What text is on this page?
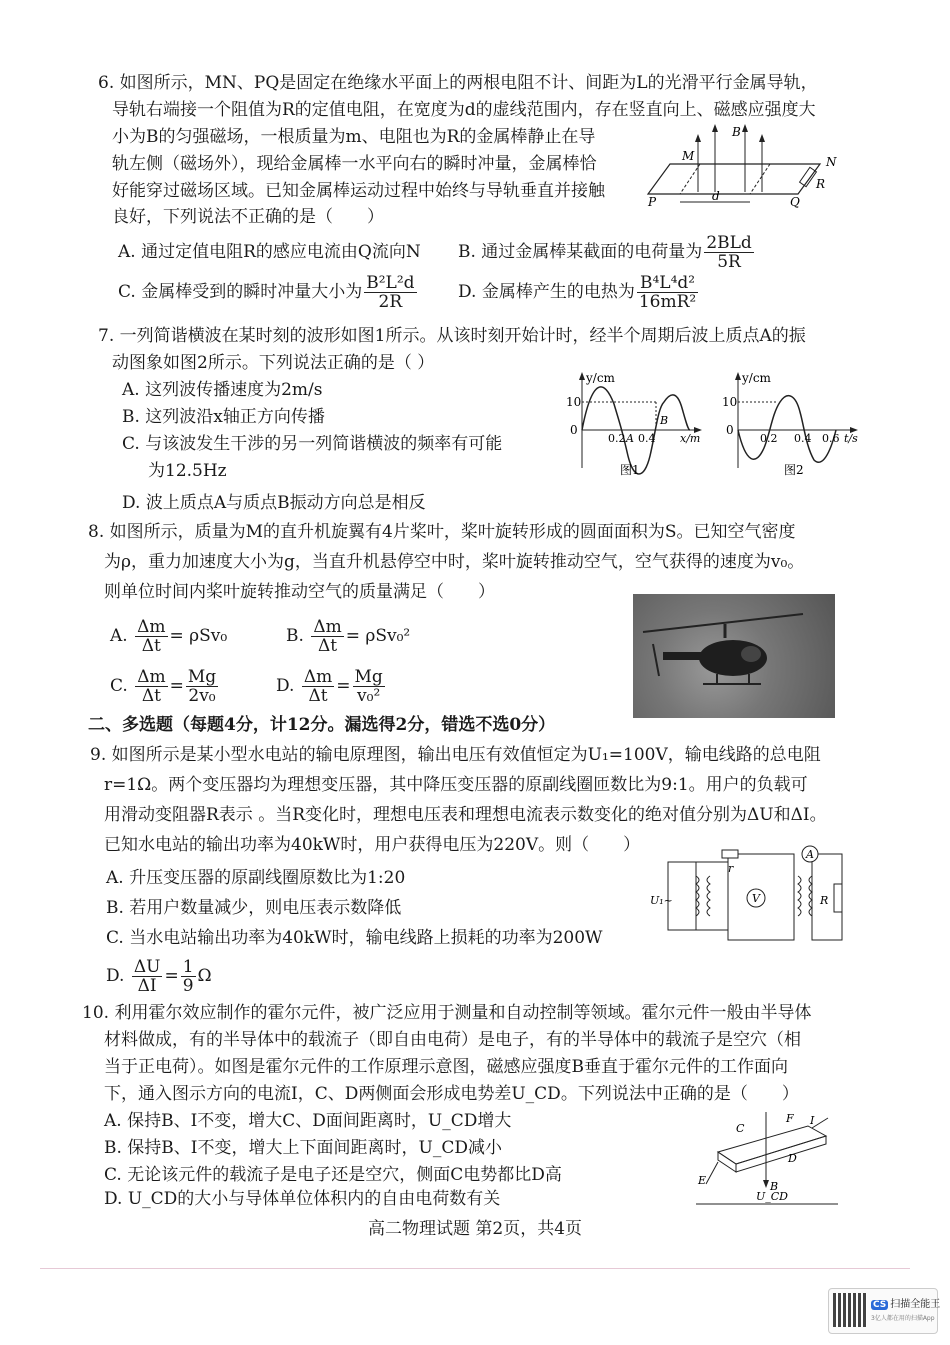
6. 如图所示，MN、PQ是固定在绝缘水平面上的两根电阻不计、间距为L的光滑平行金属导轨，
导轨右端接一个阻值为R的定值电阻，在宽度为d的虚线范围内，存在竖直向上、磁感应强度大
小为B的匀强磁场，一根质量为m、电阻也为R的金属棒静止在导
轨左侧（磁场外），现给金属棒一水平向右的瞬时冲量，金属棒恰
好能穿过磁场区域。已知金属棒运动过程中始终与导轨垂直并接触
良好，下列说法不正确的是（　　）
M	N
P	Q
R
B
d
A. 通过定值电阻R的感应电流由Q流向N B. 通过金属棒某截面的电荷量为 $\frac{\text{2BLd}}{5R}$
C. 金属棒受到的瞬时冲量大小为 $\frac{\text{B²L²d}}{2R} D$. 金属棒产生的电热为 $\frac{\text{B⁴L⁴d²}}{\text{16mR²}}$
7. 一列简谐横波在某时刻的波形如图1所示。从该时刻开始计时，经半个周期后波上质点A的振
动图象如图2所示。下列说法正确的是（ ）
A. 这列波传播速度为2m/s
B. 这列波沿x轴正方向传播
C. 与该波发生干涉的另一列简谐横波的频率有可能
为12.5Hz
D. 波上质点A与质点B振动方向总是相反
y/cm
10
0
0.2 A 0.4 x/m
B
图1
y/cm
10
0
0.2 0.4 0.6 t/s
图2
8. 如图所示，质量为M的直升机旋翼有4片桨叶，桨叶旋转形成的圆面面积为S。已知空气密度
为ρ，重力加速度大小为g，当直升机悬停空中时，桨叶旋转推动空气，空气获得的速度为v₀。
则单位时间内桨叶旋转推动空气的质量满足（　　）
A. $\frac{\Delta m}{\Delta t} = \rho Sv_0$	B. $\frac{\Delta m}{\Delta t} = \rho Sv_0^2$
C. $\frac{\Delta m}{\Delta t} = \frac{Mg}{\text{2v₀}}$	D. $\frac{\Delta m}{\Delta t} = \frac{Mg}{\text{v₀²}}$
二、多选题（每题4分，计12分。漏选得2分，错选不选0分）
9. 如图所示是某小型水电站的输电原理图，输出电压有效值恒定为U₁=100V，输电线路的总电阻
r=1Ω。两个变压器均为理想变压器，其中降压变压器的原副线圈匝数比为9:1。用户的负载可
用滑动变阻器R表示 。当R变化时，理想电压表和理想电流表示数变化的绝对值分别为ΔU和ΔI。
已知水电站的输出功率为40kW时，用户获得电压为220V。则（　　）
A. 升压变压器的原副线圈原数比为1:20
B. 若用户数量减少，则电压表示数降低
C. 当水电站输出功率为40kW时，输电线路上损耗的功率为200W
D. $\frac{\Delta U}{\Delta I} = \frac{1}{9}$ Ω
U₁~
r
V
A
R
10. 利用霍尔效应制作的霍尔元件，被广泛应用于测量和自动控制等领域。霍尔元件一般由半导体
材料做成，有的半导体中的载流子（即自由电荷）是电子，有的半导体中的载流子是空穴（相
当于正电荷）。如图是霍尔元件的工作原理示意图，磁感应强度B垂直于霍尔元件的工作面向
下，通入图示方向的电流I，C、D两侧面会形成电势差U_CD。下列说法中正确的是（　　）
A. 保持B、I不变，增大C、D面间距离时，U_CD增大
B. 保持B、I不变，增大上下面间距离时，U_CD减小
C. 无论该元件的载流子是电子还是空穴，侧面C电势都比D高
D. U_CD的大小与导体单位体积内的自由电荷数有关
C
D
E
F I
B
U_CD
高二物理试题 第2页，共4页
CS 扫描全能王
3亿人都在用的扫描App
